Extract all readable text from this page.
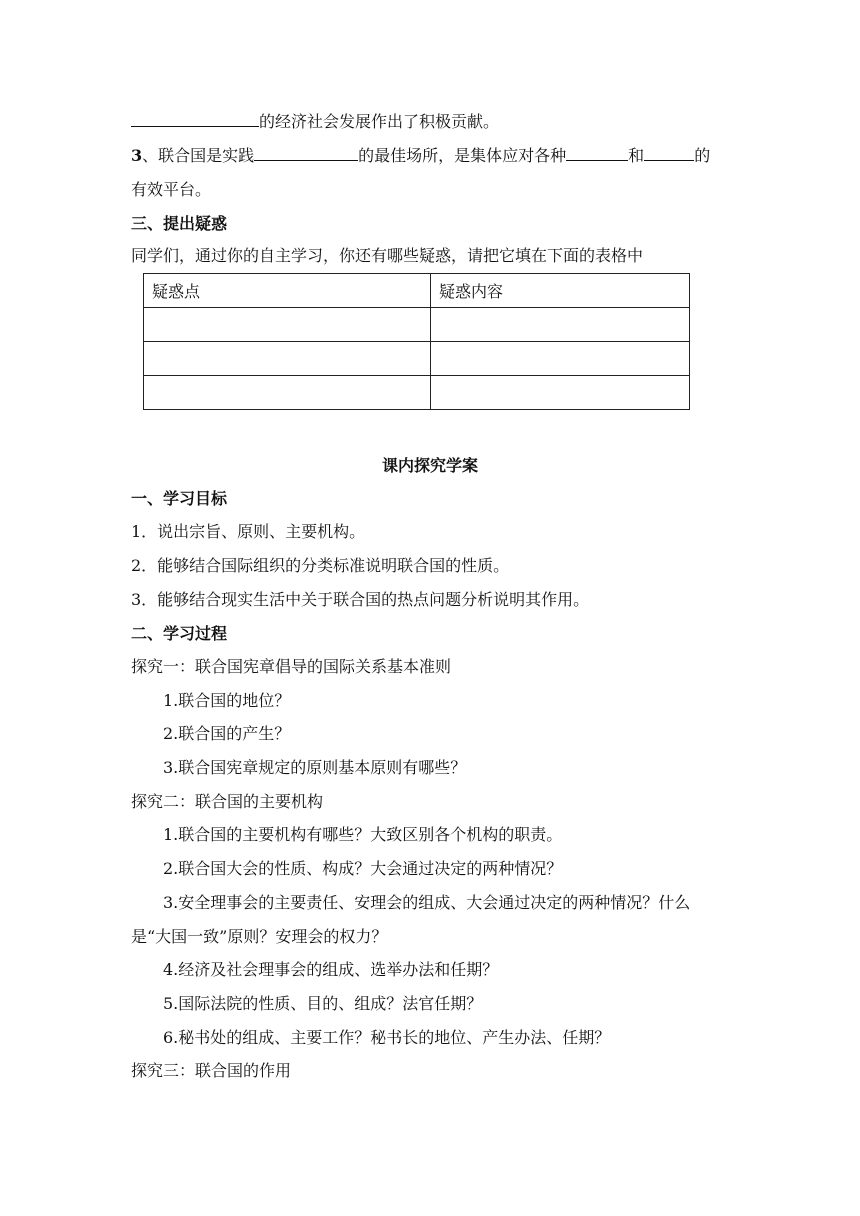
的经济社会发展作出了积极贡献。
3、联合国是实践	的最佳场所，是集体应对各种	和	的
有效平台。
三、提出疑惑
同学们，通过你的自主学习，你还有哪些疑惑，请把它填在下面的表格中
疑惑点	疑惑内容

课内探究学案
一、学习目标
1．说出宗旨、原则、主要机构。
2．能够结合国际组织的分类标准说明联合国的性质。
3．能够结合现实生活中关于联合国的热点问题分析说明其作用。
二、学习过程
探究一：联合国宪章倡导的国际关系基本准则
1.联合国的地位？
2.联合国的产生？
3.联合国宪章规定的原则基本原则有哪些？
探究二：联合国的主要机构
1.联合国的主要机构有哪些？大致区别各个机构的职责。
2.联合国大会的性质、构成？大会通过决定的两种情况？
3.安全理事会的主要责任、安理会的组成、大会通过决定的两种情况？什么
是“大国一致”原则？安理会的权力？
4.经济及社会理事会的组成、选举办法和任期？
5.国际法院的性质、目的、组成？法官任期？
6.秘书处的组成、主要工作？秘书长的地位、产生办法、任期？
探究三：联合国的作用
